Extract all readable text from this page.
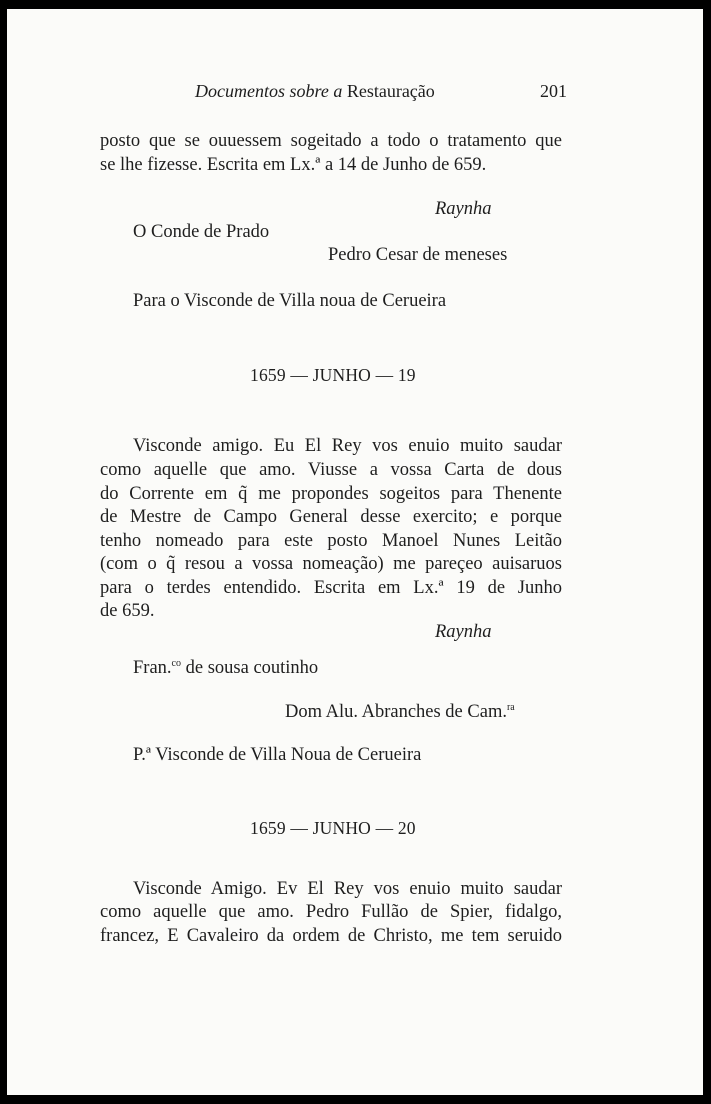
Documentos sobre a Restauração	201
posto que se ouuessem sogeitado a todo o tratamento que
se lhe fizesse. Escrita em Lx.ª a 14 de Junho de 659.
Raynha
O Conde de Prado
Pedro Cesar de meneses
Para o Visconde de Villa noua de Cerueira
1659 — JUNHO — 19
Visconde amigo. Eu El Rey vos enuio muito saudar
como aquelle que amo. Viusse a vossa Carta de dous
do Corrente em q̃ me propondes sogeitos para Thenente
de Mestre de Campo General desse exercito; e porque
tenho nomeado para este posto Manoel Nunes Leitão
(com o q̃ resou a vossa nomeação) me pareçeo auisaruos
para o terdes entendido. Escrita em Lx.ª 19 de Junho
de 659.
Raynha
Fran.$^{co}$ de sousa coutinho
Dom Alu. Abranches de Cam.$^{ra}$
P.ª Visconde de Villa Noua de Cerueira
1659 — JUNHO — 20
Visconde Amigo. Ev El Rey vos enuio muito saudar
como aquelle que amo. Pedro Fullão de Spier, fidalgo,
francez, E Cavaleiro da ordem de Christo, me tem seruido
